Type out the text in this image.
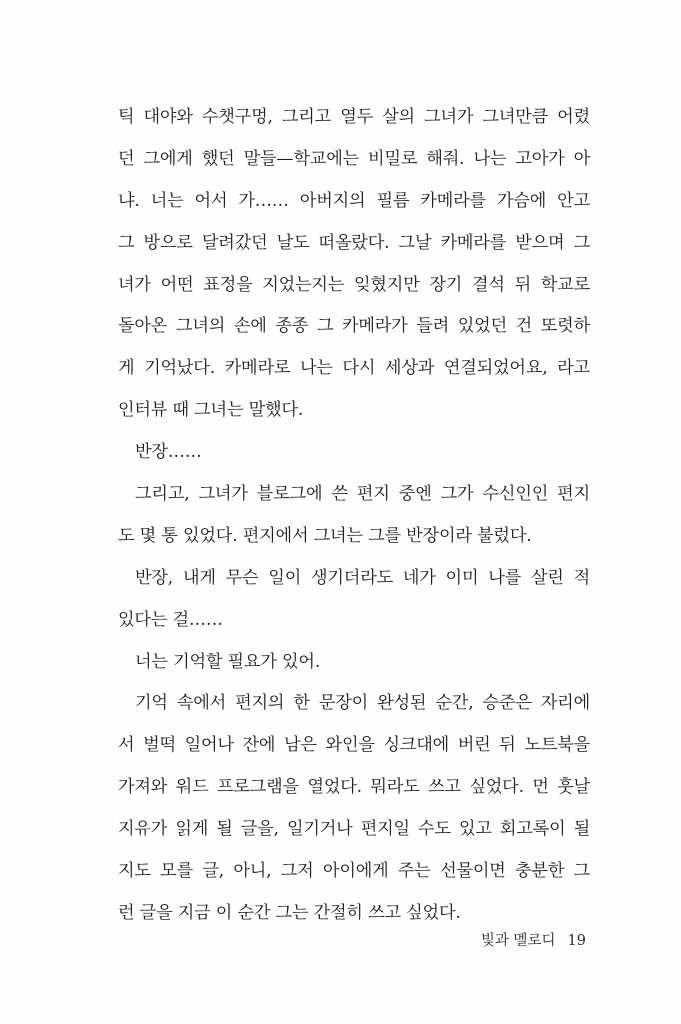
틱 대야와 수챗구멍, 그리고 열두 살의 그녀가 그녀만큼 어렸
던 그에게 했던 말들—학교에는 비밀로 해줘. 나는 고아가 아
냐. 너는 어서 가…… 아버지의 필름 카메라를 가슴에 안고
그 방으로 달려갔던 날도 떠올랐다. 그날 카메라를 받으며 그
녀가 어떤 표정을 지었는지는 잊혔지만 장기 결석 뒤 학교로
돌아온 그녀의 손에 종종 그 카메라가 들려 있었던 건 또렷하
게 기억났다. 카메라로 나는 다시 세상과 연결되었어요, 라고
인터뷰 때 그녀는 말했다.
반장……
그리고, 그녀가 블로그에 쓴 편지 중엔 그가 수신인인 편지
도 몇 통 있었다. 편지에서 그녀는 그를 반장이라 불렀다.
반장, 내게 무슨 일이 생기더라도 네가 이미 나를 살린 적
있다는 걸……
너는 기억할 필요가 있어.
기억 속에서 편지의 한 문장이 완성된 순간, 승준은 자리에
서 벌떡 일어나 잔에 남은 와인을 싱크대에 버린 뒤 노트북을
가져와 워드 프로그램을 열었다. 뭐라도 쓰고 싶었다. 먼 훗날
지유가 읽게 될 글을, 일기거나 편지일 수도 있고 회고록이 될
지도 모를 글, 아니, 그저 아이에게 주는 선물이면 충분한 그
런 글을 지금 이 순간 그는 간절히 쓰고 싶었다.
빛과 멜로디 19
